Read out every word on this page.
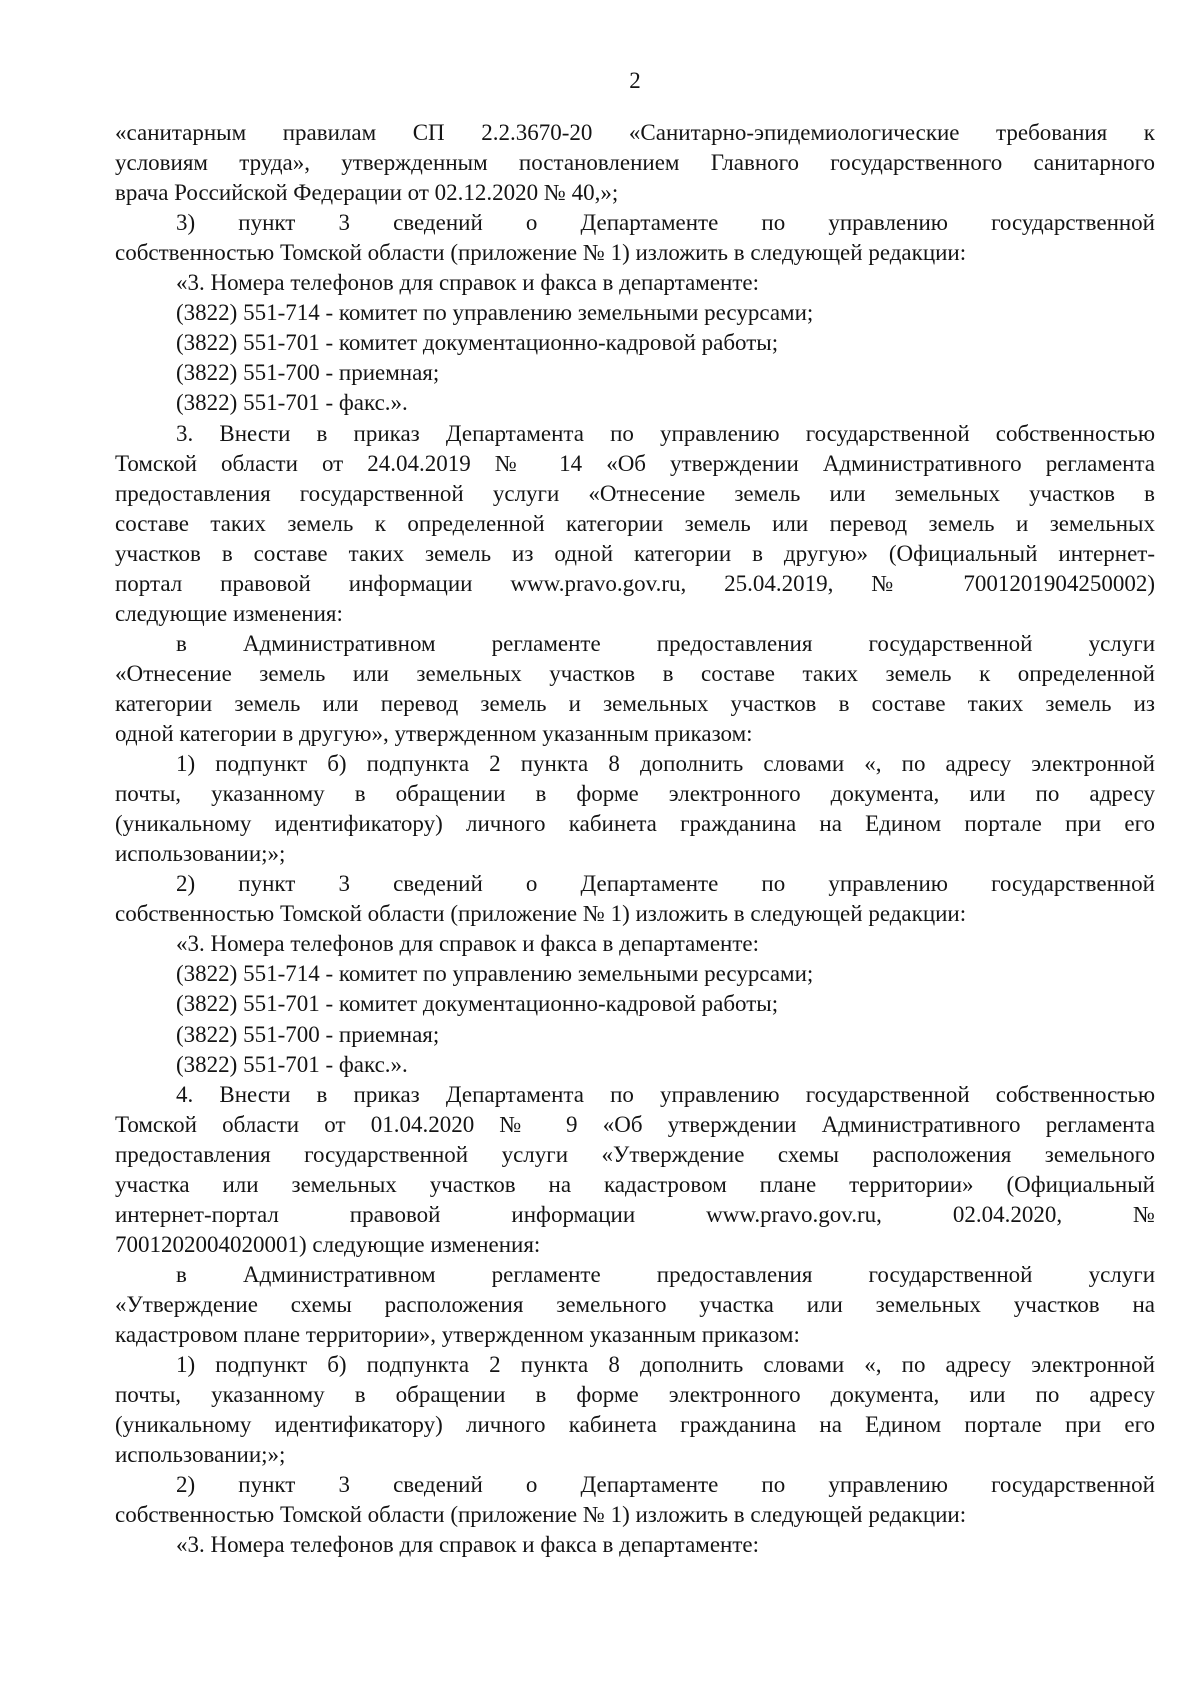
2
«санитарным правилам СП 2.2.3670-20 «Санитарно-эпидемиологические требования к
условиям труда», утвержденным постановлением Главного государственного санитарного
врача Российской Федерации от 02.12.2020 № 40,»;
3) пункт 3 сведений о Департаменте по управлению государственной
собственностью Томской области (приложение № 1) изложить в следующей редакции:
«3. Номера телефонов для справок и факса в департаменте:
(3822) 551-714 - комитет по управлению земельными ресурсами;
(3822) 551-701 - комитет документационно-кадровой работы;
(3822) 551-700 - приемная;
(3822) 551-701 - факс.».
3. Внести в приказ Департамента по управлению государственной собственностью
Томской области от 24.04.2019 № 14 «Об утверждении Административного регламента
предоставления государственной услуги «Отнесение земель или земельных участков в
составе таких земель к определенной категории земель или перевод земель и земельных
участков в составе таких земель из одной категории в другую» (Официальный интернет-
портал правовой информации www.pravo.gov.ru, 25.04.2019, № 7001201904250002)
следующие изменения:
в Административном регламенте предоставления государственной услуги
«Отнесение земель или земельных участков в составе таких земель к определенной
категории земель или перевод земель и земельных участков в составе таких земель из
одной категории в другую», утвержденном указанным приказом:
1) подпункт б) подпункта 2 пункта 8 дополнить словами «, по адресу электронной
почты, указанному в обращении в форме электронного документа, или по адресу
(уникальному идентификатору) личного кабинета гражданина на Едином портале при его
использовании;»;
2) пункт 3 сведений о Департаменте по управлению государственной
собственностью Томской области (приложение № 1) изложить в следующей редакции:
«3. Номера телефонов для справок и факса в департаменте:
(3822) 551-714 - комитет по управлению земельными ресурсами;
(3822) 551-701 - комитет документационно-кадровой работы;
(3822) 551-700 - приемная;
(3822) 551-701 - факс.».
4. Внести в приказ Департамента по управлению государственной собственностью
Томской области от 01.04.2020 № 9 «Об утверждении Административного регламента
предоставления государственной услуги «Утверждение схемы расположения земельного
участка или земельных участков на кадастровом плане территории» (Официальный
интернет-портал правовой информации www.pravo.gov.ru, 02.04.2020, №
7001202004020001) следующие изменения:
в Административном регламенте предоставления государственной услуги
«Утверждение схемы расположения земельного участка или земельных участков на
кадастровом плане территории», утвержденном указанным приказом:
1) подпункт б) подпункта 2 пункта 8 дополнить словами «, по адресу электронной
почты, указанному в обращении в форме электронного документа, или по адресу
(уникальному идентификатору) личного кабинета гражданина на Едином портале при его
использовании;»;
2) пункт 3 сведений о Департаменте по управлению государственной
собственностью Томской области (приложение № 1) изложить в следующей редакции:
«3. Номера телефонов для справок и факса в департаменте:
